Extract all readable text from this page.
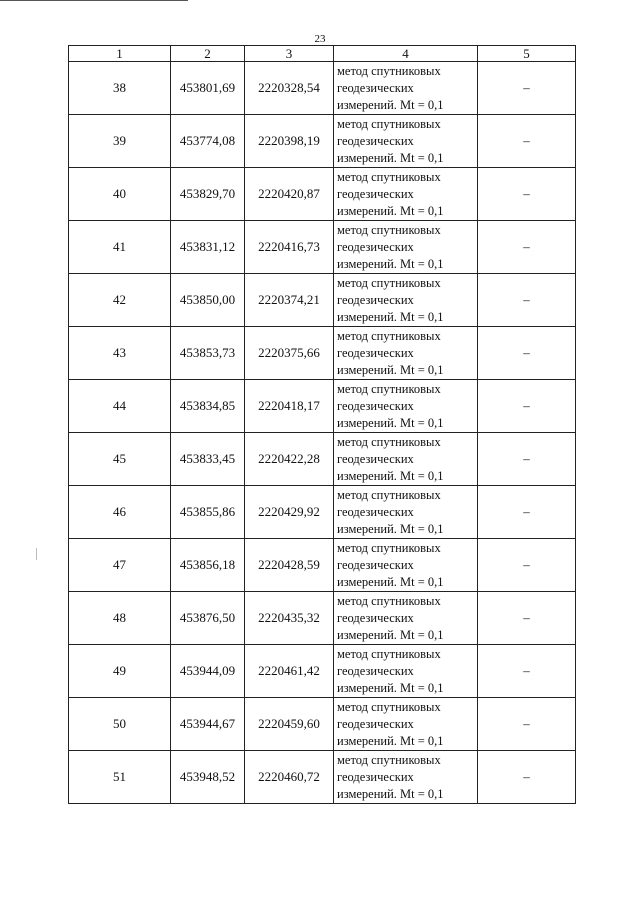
23
1	2	3	4	5
38	453801,69	2220328,54	метод спутниковых
геодезических
измерений. Mt = 0,1	–
39	453774,08	2220398,19	метод спутниковых
геодезических
измерений. Mt = 0,1	–
40	453829,70	2220420,87	метод спутниковых
геодезических
измерений. Mt = 0,1	–
41	453831,12	2220416,73	метод спутниковых
геодезических
измерений. Mt = 0,1	–
42	453850,00	2220374,21	метод спутниковых
геодезических
измерений. Mt = 0,1	–
43	453853,73	2220375,66	метод спутниковых
геодезических
измерений. Mt = 0,1	–
44	453834,85	2220418,17	метод спутниковых
геодезических
измерений. Mt = 0,1	–
45	453833,45	2220422,28	метод спутниковых
геодезических
измерений. Mt = 0,1	–
46	453855,86	2220429,92	метод спутниковых
геодезических
измерений. Mt = 0,1	–
47	453856,18	2220428,59	метод спутниковых
геодезических
измерений. Mt = 0,1	–
48	453876,50	2220435,32	метод спутниковых
геодезических
измерений. Mt = 0,1	–
49	453944,09	2220461,42	метод спутниковых
геодезических
измерений. Mt = 0,1	–
50	453944,67	2220459,60	метод спутниковых
геодезических
измерений. Mt = 0,1	–
51	453948,52	2220460,72	метод спутниковых
геодезических
измерений. Mt = 0,1	–
